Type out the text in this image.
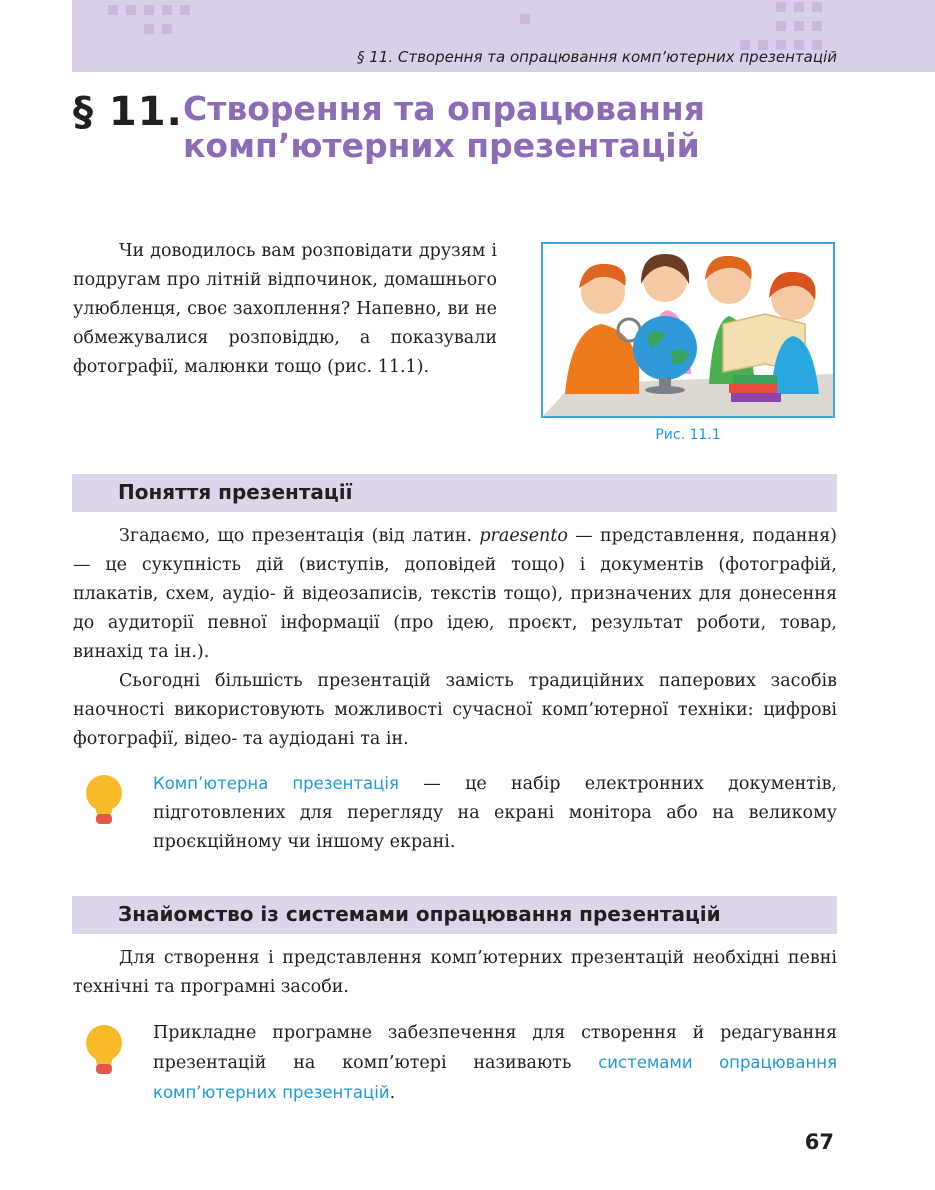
§ 11. Створення та опрацювання комп’ютерних презентацій
§ 11. Створення та опрацювання
комп’ютерних презентацій

Чи доводилось вам розповідати друзям і подругам про літній відпочинок, домашнього улюбленця, своє захоплення? Напевно, ви не обмежувалися розповіддю, а показували фотографії, малюнки тощо (рис. 11.1).

Рис. 11.1
Поняття презентації

Згадаємо, що презентація (від латин. praesento — представлення, подання) — це сукупність дій (виступів, доповідей тощо) і документів (фотографій, плакатів, схем, аудіо- й відеозаписів, текстів тощо), призначених для донесення до аудиторії певної інформації (про ідею, проєкт, результат роботи, товар, винахід та ін.).

Сьогодні більшість презентацій замість традиційних паперових засобів наочності використовують можливості сучасної комп’ютерної техніки: цифрові фотографії, відео- та аудіодані та ін.

Комп’ютерна презентація — це набір електронних документів, підготовлених для перегляду на екрані монітора або на великому проєкційному чи іншому екрані.

Знайомство із системами опрацювання презентацій

Для створення і представлення комп’ютерних презентацій необхідні певні технічні та програмні засоби.

Прикладне програмне забезпечення для створення й редагування презентацій на комп’ютері називають системами опрацювання комп’ютерних презентацій.

67
